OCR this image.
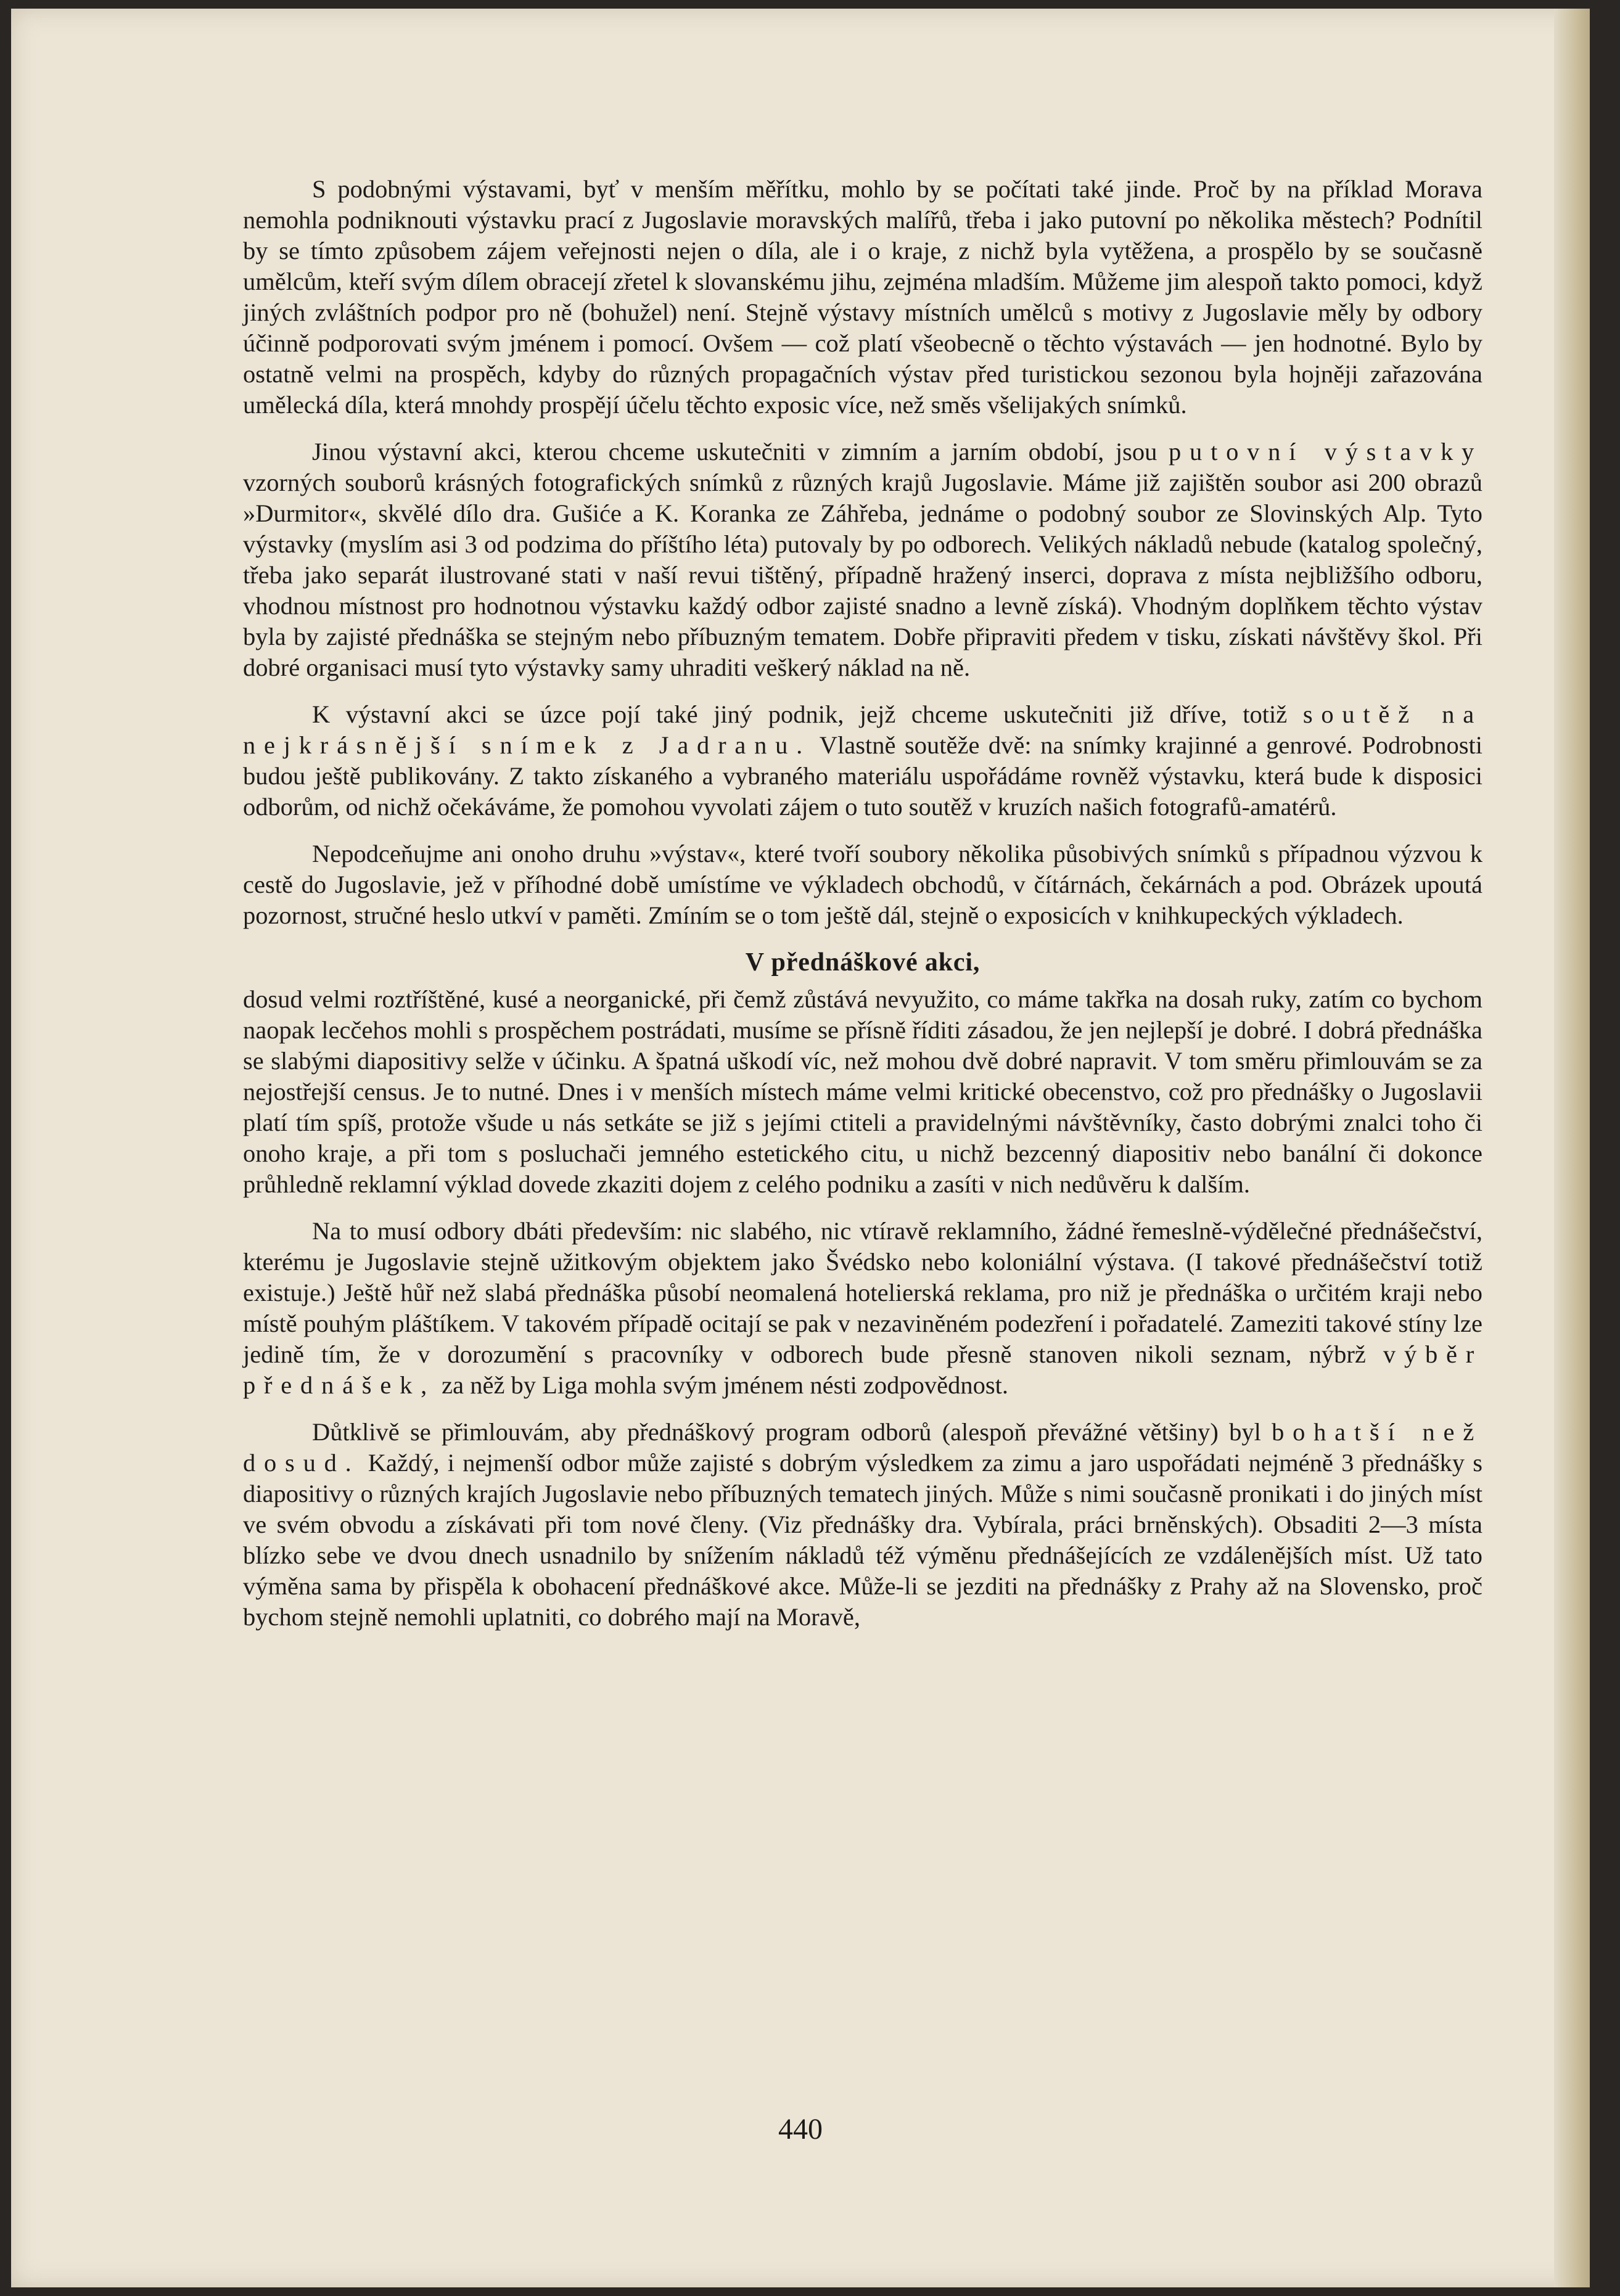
S podobnými výstavami, byť v menším měřítku, mohlo by se počítati také jinde. Proč by na příklad Morava nemohla podniknouti výstavku prací z Jugoslavie moravských malířů, třeba i jako putovní po několika městech? Podnítil by se tímto způsobem zájem veřejnosti nejen o díla, ale i o kraje, z nichž byla vytěžena, a prospělo by se současně umělcům, kteří svým dílem obracejí zřetel k slovanskému jihu, zejména mladším. Můžeme jim alespoň takto pomoci, když jiných zvláštních podpor pro ně (bohužel) není. Stejně výstavy místních umělců s motivy z Jugoslavie měly by odbory účinně podporovati svým jménem i pomocí. Ovšem — což platí všeobecně o těchto výstavách — jen hodnotné. Bylo by ostatně velmi na prospěch, kdyby do různých propagačních výstav před turistickou sezonou byla hojněji zařazována umělecká díla, která mnohdy prospějí účelu těchto exposic více, než směs všelijakých snímků.

Jinou výstavní akci, kterou chceme uskutečniti v zimním a jarním období, jsou putovní výstavky vzorných souborů krásných fotografických snímků z různých krajů Jugoslavie. Máme již zajištěn soubor asi 200 obrazů »Durmitor«, skvělé dílo dra. Gušiće a K. Koranka ze Záhřeba, jednáme o podobný soubor ze Slovinských Alp. Tyto výstavky (myslím asi 3 od podzima do příštího léta) putovaly by po odborech. Velikých nákladů nebude (katalog společný, třeba jako separát ilustrované stati v naší revui tištěný, případně hražený inserci, doprava z místa nejbližšího odboru, vhodnou místnost pro hodnotnou výstavku každý odbor zajisté snadno a levně získá). Vhodným doplňkem těchto výstav byla by zajisté přednáška se stejným nebo příbuzným tematem. Dobře připraviti předem v tisku, získati návštěvy škol. Při dobré organisaci musí tyto výstavky samy uhraditi veškerý náklad na ně.

K výstavní akci se úzce pojí také jiný podnik, jejž chceme uskutečniti již dříve, totiž soutěž na nejkrásnější snímek z Jadranu. Vlastně soutěže dvě: na snímky krajinné a genrové. Podrobnosti budou ještě publikovány. Z takto získaného a vybraného materiálu uspořádáme rovněž výstavku, která bude k disposici odborům, od nichž očekáváme, že pomohou vyvolati zájem o tuto soutěž v kruzích našich fotografů-amatérů.

Nepodceňujme ani onoho druhu »výstav«, které tvoří soubory několika působivých snímků s případnou výzvou k cestě do Jugoslavie, jež v příhodné době umístíme ve výkladech obchodů, v čítárnách, čekárnách a pod. Obrázek upoutá pozornost, stručné heslo utkví v paměti. Zmíním se o tom ještě dál, stejně o exposicích v knihkupeckých výkladech.

V přednáškové akci,

dosud velmi roztříštěné, kusé a neorganické, při čemž zůstává nevyužito, co máme takřka na dosah ruky, zatím co bychom naopak lecčehos mohli s prospěchem postrádati, musíme se přísně říditi zásadou, že jen nejlepší je dobré. I dobrá přednáška se slabými diapositivy selže v účinku. A špatná uškodí víc, než mohou dvě dobré napravit. V tom směru přimlouvám se za nejostřejší census. Je to nutné. Dnes i v menších místech máme velmi kritické obecenstvo, což pro přednášky o Jugoslavii platí tím spíš, protože všude u nás setkáte se již s jejími ctiteli a pravidelnými návštěvníky, často dobrými znalci toho či onoho kraje, a při tom s posluchači jemného estetického citu, u nichž bezcenný diapositiv nebo banální či dokonce průhledně reklamní výklad dovede zkaziti dojem z celého podniku a zasíti v nich nedůvěru k dalším.

Na to musí odbory dbáti především: nic slabého, nic vtíravě reklamního, žádné řemeslně-výdělečné přednášečství, kterému je Jugoslavie stejně užitkovým objektem jako Švédsko nebo koloniální výstava. (I takové přednášečství totiž existuje.) Ještě hůř než slabá přednáška působí neomalená hotelierská reklama, pro niž je přednáška o určitém kraji nebo místě pouhým pláštíkem. V takovém případě ocitají se pak v nezaviněném podezření i pořadatelé. Zameziti takové stíny lze jedině tím, že v dorozumění s pracovníky v odborech bude přesně stanoven nikoli seznam, nýbrž výběr přednášek, za něž by Liga mohla svým jménem nésti zodpovědnost.

Důtklivě se přimlouvám, aby přednáškový program odborů (alespoň převážné většiny) byl bohatší než dosud. Každý, i nejmenší odbor může zajisté s dobrým výsledkem za zimu a jaro uspořádati nejméně 3 přednášky s diapositivy o různých krajích Jugoslavie nebo příbuzných tematech jiných. Může s nimi současně pronikati i do jiných míst ve svém obvodu a získávati při tom nové členy. (Viz přednášky dra. Vybírala, práci brněnských). Obsaditi 2—3 místa blízko sebe ve dvou dnech usnadnilo by snížením nákladů též výměnu přednášejících ze vzdálenějších míst. Už tato výměna sama by přispěla k obohacení přednáškové akce. Může-li se jezditi na přednášky z Prahy až na Slovensko, proč bychom stejně nemohli uplatniti, co dobrého mají na Moravě,

440
